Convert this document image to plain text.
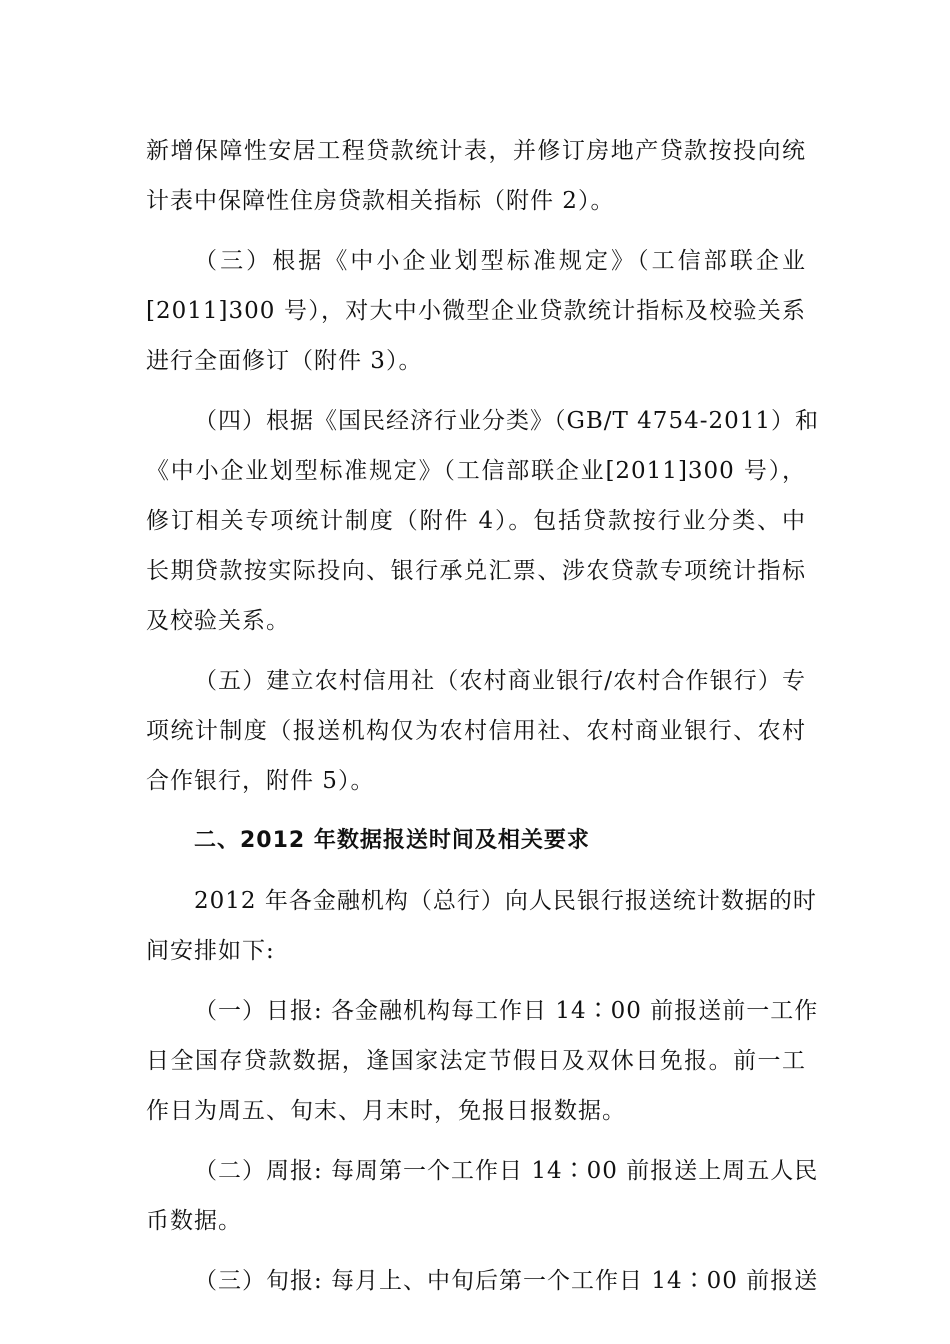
新增保障性安居工程贷款统计表，并修订房地产贷款按投向统
计表中保障性住房贷款相关指标（附件 2）。
（三）根据《中小企业划型标准规定》（工信部联企业
[2011]300 号），对大中小微型企业贷款统计指标及校验关系
进行全面修订（附件 3）。
（四）根据《国民经济行业分类》（GB/T 4754-2011）和
《中小企业划型标准规定》（工信部联企业[2011]300 号），
修订相关专项统计制度（附件 4）。包括贷款按行业分类、中
长期贷款按实际投向、银行承兑汇票、涉农贷款专项统计指标
及校验关系。
（五）建立农村信用社（农村商业银行/农村合作银行）专
项统计制度（报送机构仅为农村信用社、农村商业银行、农村
合作银行，附件 5）。
二、2012 年数据报送时间及相关要求
2012 年各金融机构（总行）向人民银行报送统计数据的时
间安排如下:
（一）日报: 各金融机构每工作日 14∶00 前报送前一工作
日全国存贷款数据，逢国家法定节假日及双休日免报。前一工
作日为周五、旬末、月末时，免报日报数据。
（二）周报: 每周第一个工作日 14∶00 前报送上周五人民
币数据。
（三）旬报: 每月上、中旬后第一个工作日 14∶00 前报送
